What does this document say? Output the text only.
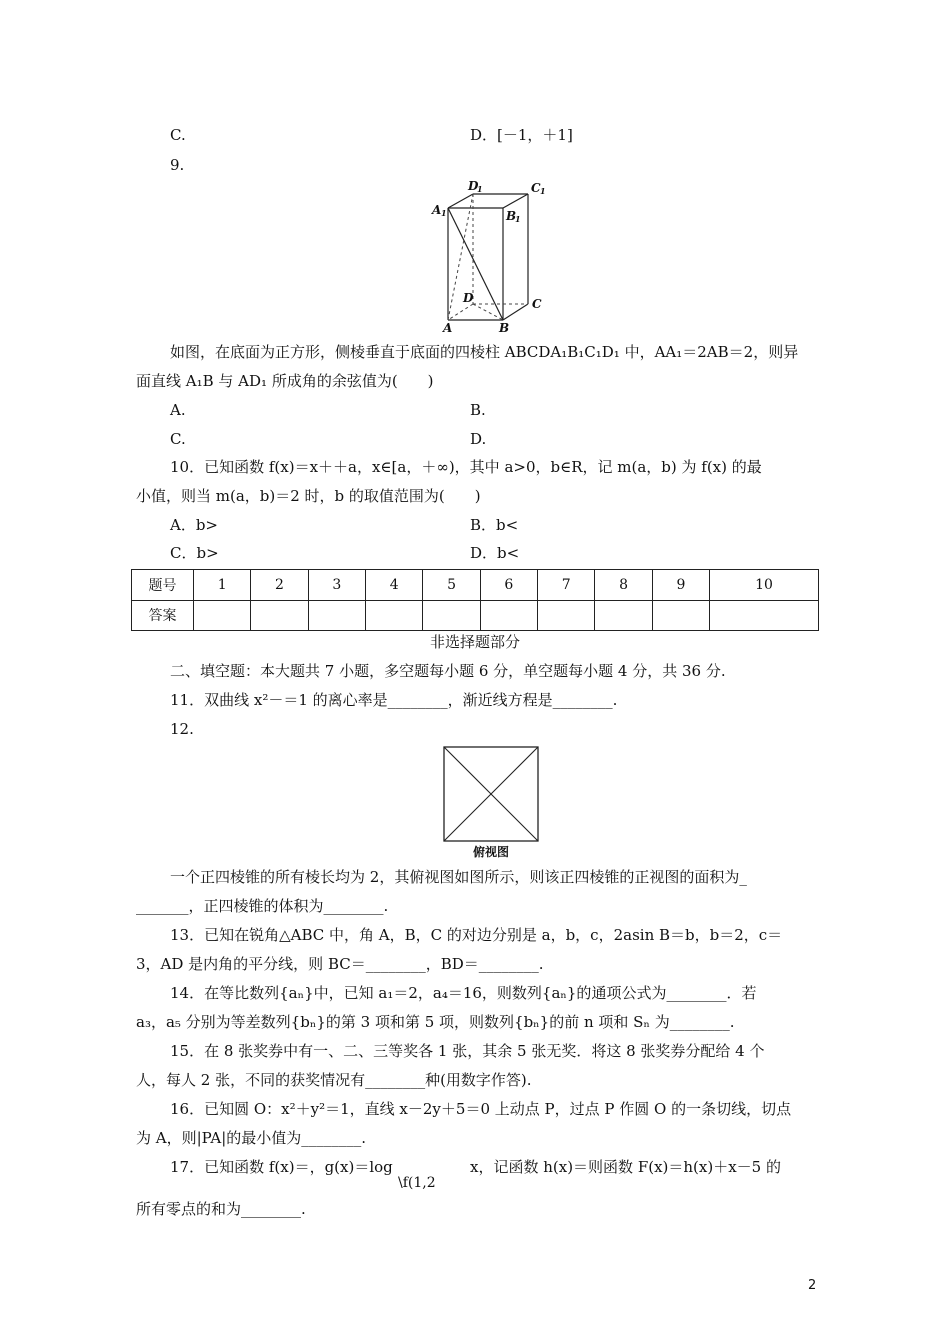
C.	D．[－1，＋1]
9.
D
1	C 1
A 1	B
1
D	C
A	B
如图，在底面为正方形，侧棱垂直于底面的四棱柱 ABCDA₁B₁C₁D₁ 中，AA₁＝2AB＝2，则异
面直线 A₁B 与 AD₁ 所成角的余弦值为(　　)
A.	B.
C.	D.
10．已知函数 f(x)＝x＋＋a，x∈[a，＋∞)，其中 a>0，b∈R，记 m(a，b) 为 f(x) 的最
小值，则当 m(a，b)＝2 时，b 的取值范围为(　　)
A．b>	B．b<
C．b>	D．b<
题号	1	2	3	4	5	6	7	8	9	10
答案										
非选择题部分
二、填空题：本大题共 7 小题，多空题每小题 6 分，单空题每小题 4 分，共 36 分.
11．双曲线 x²－＝1 的离心率是________，渐近线方程是________.
12.
俯视图
一个正四棱锥的所有棱长均为 2，其俯视图如图所示，则该正四棱锥的正视图的面积为_
_______，正四棱锥的体积为________.
13．已知在锐角△ABC 中，角 A，B，C 的对边分别是 a，b，c，2asin B＝b，b＝2，c＝
3，AD 是内角的平分线，则 BC＝________，BD＝________.
14．在等比数列{aₙ}中，已知 a₁＝2，a₄＝16，则数列{aₙ}的通项公式为________．若
a₃，a₅ 分别为等差数列{bₙ}的第 3 项和第 5 项，则数列{bₙ}的前 n 项和 Sₙ 为________.
15．在 8 张奖券中有一、二、三等奖各 1 张，其余 5 张无奖．将这 8 张奖券分配给 4 个
人，每人 2 张，不同的获奖情况有________种(用数字作答).
16．已知圆 O：x²＋y²＝1，直线 x－2y＋5＝0 上动点 P，过点 P 作圆 O 的一条切线，切点
为 A，则|PA|的最小值为________.
17．已知函数 f(x)＝，g(x)＝log	x，记函数 h(x)＝则函数 F(x)＝h(x)＋x－5 的
\f(1,2
所有零点的和为________.
2
